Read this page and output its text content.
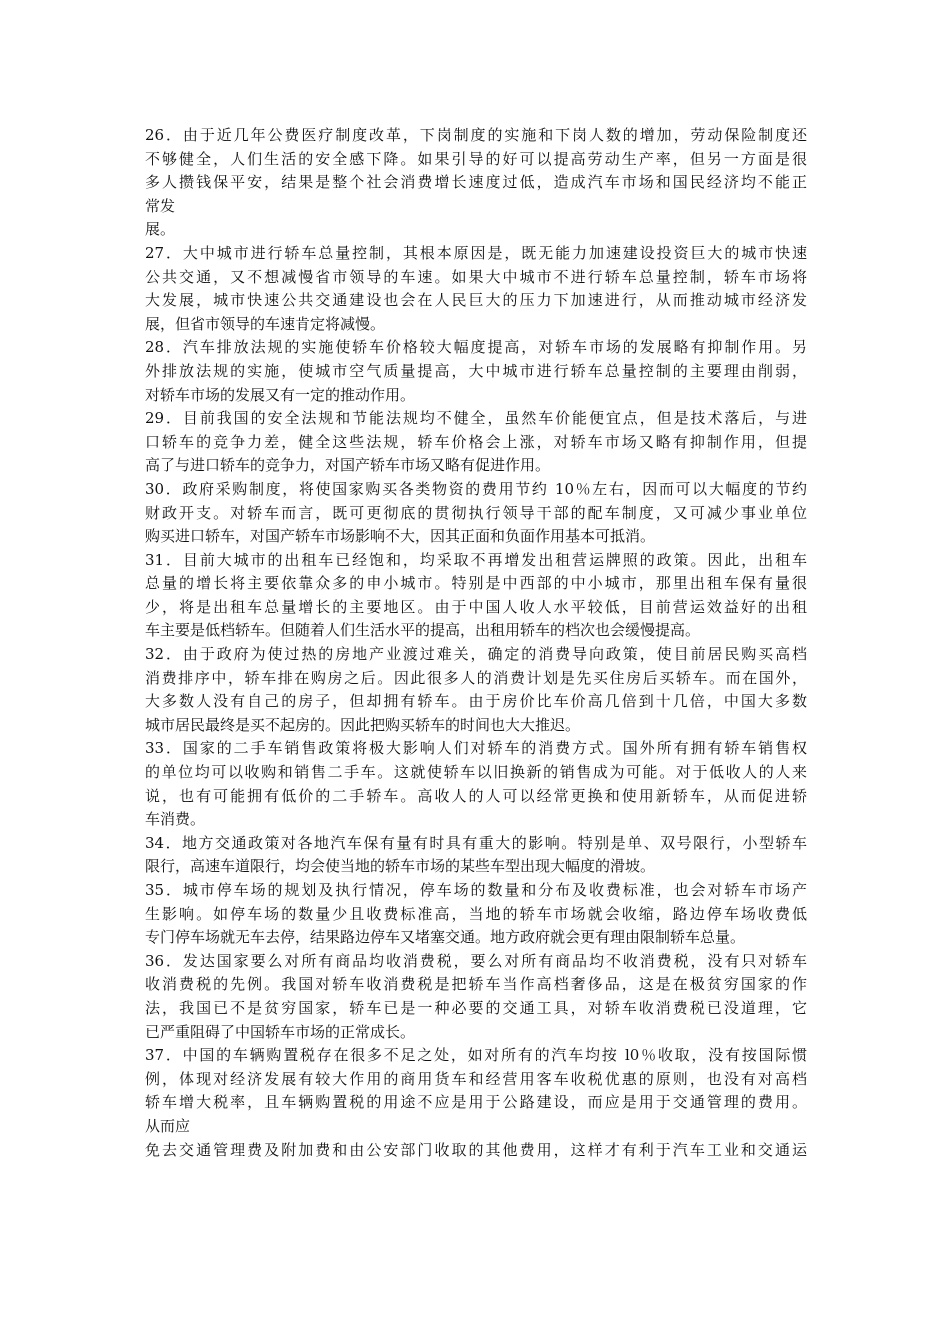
26．由于近几年公费医疗制度改革，下岗制度的实施和下岗人数的增加，劳动保险制度还
不够健全，人们生活的安全感下降。如果引导的好可以提高劳动生产率，但另一方面是很
多人攒钱保平安，结果是整个社会消费增长速度过低，造成汽车市场和国民经济均不能正
常发
展。
27．大中城市进行轿车总量控制，其根本原因是，既无能力加速建设投资巨大的城市快速
公共交通，又不想减慢省市领导的车速。如果大中城市不进行轿车总量控制，轿车市场将
大发展，城市快速公共交通建设也会在人民巨大的压力下加速进行，从而推动城市经济发
展，但省市领导的车速肯定将减慢。
28．汽车排放法规的实施使轿车价格较大幅度提高，对轿车市场的发展略有抑制作用。另
外排放法规的实施，使城市空气质量提高，大中城市进行轿车总量控制的主要理由削弱，
对轿车市场的发展又有一定的推动作用。
29．目前我国的安全法规和节能法规均不健全，虽然车价能便宜点，但是技术落后，与进
口轿车的竞争力差，健全这些法规，轿车价格会上涨，对轿车市场又略有抑制作用，但提
高了与进口轿车的竞争力，对国产轿车市场又略有促进作用。
30．政府采购制度，将使国家购买各类物资的费用节约 10％左右，因而可以大幅度的节约
财政开支。对轿车而言，既可更彻底的贯彻执行领导干部的配车制度，又可减少事业单位
购买进口轿车，对国产轿车市场影响不大，因其正面和负面作用基本可抵消。
31．目前大城市的出租车已经饱和，均采取不再增发出租营运牌照的政策。因此，出租车
总量的增长将主要依靠众多的申小城市。特别是中西部的中小城市，那里出租车保有量很
少，将是出租车总量增长的主要地区。由于中国人收人水平较低，目前营运效益好的出租
车主要是低档轿车。但随着人们生活水平的提高，出租用轿车的档次也会缓慢提高。
32．由于政府为使过热的房地产业渡过难关，确定的消费导向政策，使目前居民购买高档
消费排序中，轿车排在购房之后。因此很多人的消费计划是先买住房后买轿车。而在国外，
大多数人没有自己的房子，但却拥有轿车。由于房价比车价高几倍到十几倍，中国大多数
城市居民最终是买不起房的。因此把购买轿车的时间也大大推迟。
33．国家的二手车销售政策将极大影响人们对轿车的消费方式。国外所有拥有轿车销售权
的单位均可以收购和销售二手车。这就使轿车以旧换新的销售成为可能。对于低收人的人来
说，也有可能拥有低价的二手轿车。高收人的人可以经常更换和使用新轿车，从而促进轿
车消费。
34．地方交通政策对各地汽车保有量有时具有重大的影响。特别是单、双号限行，小型轿车
限行，高速车道限行，均会使当地的轿车市场的某些车型出现大幅度的滑坡。
35．城市停车场的规划及执行情况，停车场的数量和分布及收费标准，也会对轿车市场产
生影响。如停车场的数量少且收费标准高，当地的轿车市场就会收缩，路边停车场收费低
专门停车场就无车去停，结果路边停车又堵塞交通。地方政府就会更有理由限制轿车总量。
36．发达国家要么对所有商品均收消费税，要么对所有商品均不收消费税，没有只对轿车
收消费税的先例。我国对轿车收消费税是把轿车当作高档奢侈品，这是在极贫穷国家的作
法，我国已不是贫穷国家，轿车已是一种必要的交通工具，对轿车收消费税已没道理，它
已严重阻碍了中国轿车市场的正常成长。
37．中国的车辆购置税存在很多不足之处，如对所有的汽车均按 l0％收取，没有按国际惯
例，体现对经济发展有较大作用的商用货车和经营用客车收税优惠的原则，也没有对高档
轿车增大税率，且车辆购置税的用途不应是用于公路建设，而应是用于交通管理的费用。
从而应
免去交通管理费及附加费和由公安部门收取的其他费用，这样才有利于汽车工业和交通运
